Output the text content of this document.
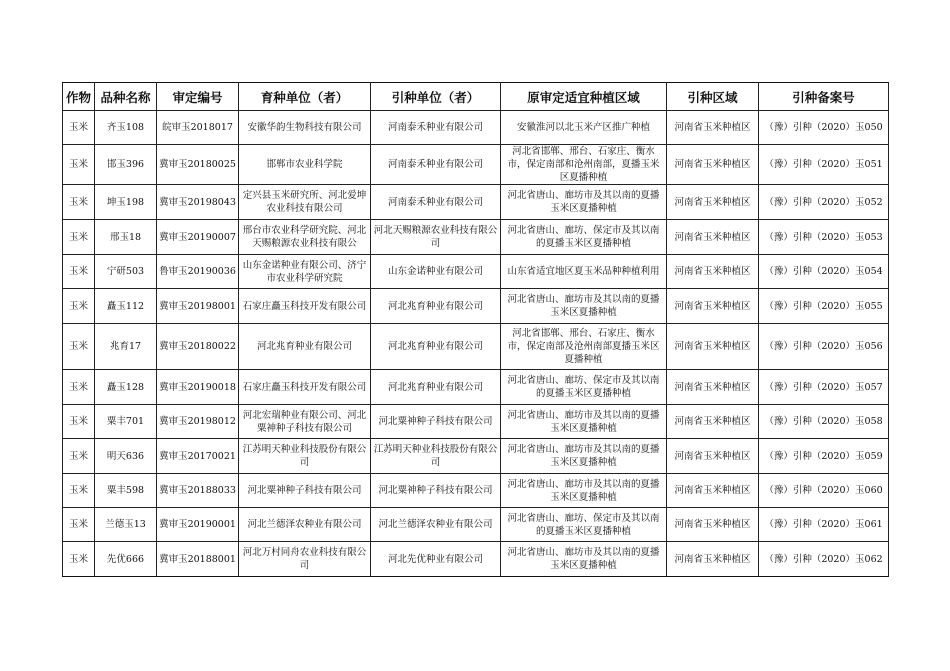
作物	品种名称	审定编号	育种单位（者）	引种单位（者）	原审定适宜种植区域	引种区域	引种备案号
玉米	齐玉108	皖审玉2018017	安徽华韵生物科技有限公司	河南泰禾种业有限公司	安徽淮河以北玉米产区推广种植	河南省玉米种植区	（豫）引种（2020）玉050
玉米	邯玉396	冀审玉20180025	邯郸市农业科学院	河南泰禾种业有限公司	河北省邯郸、邢台、石家庄、衡水市，保定南部和沧州南部，夏播玉米区夏播种植	河南省玉米种植区	（豫）引种（2020）玉051
玉米	坤玉198	冀审玉20198043	定兴县玉米研究所、河北爱坤农业科技有限公司	河南泰禾种业有限公司	河北省唐山、廊坊市及其以南的夏播玉米区夏播种植	河南省玉米种植区	（豫）引种（2020）玉052
玉米	邢玉18	冀审玉20190007	邢台市农业科学研究院、河北天赐粮源农业科技有限公	河北天赐粮源农业科技有限公司	河北省唐山、廊坊、保定市及其以南的夏播玉米区夏播种植	河南省玉米种植区	（豫）引种（2020）玉053
玉米	宁研503	鲁审玉20190036	山东金诺种业有限公司、济宁市农业科学研究院	山东金诺种业有限公司	山东省适宜地区夏玉米品种种植利用	河南省玉米种植区	（豫）引种（2020）玉054
玉米	矗玉112	冀审玉20198001	石家庄矗玉科技开发有限公司	河北兆育种业有限公司	河北省唐山、廊坊市及其以南的夏播玉米区夏播种植	河南省玉米种植区	（豫）引种（2020）玉055
玉米	兆育17	冀审玉20180022	河北兆育种业有限公司	河北兆育种业有限公司	河北省邯郸、邢台、石家庄、衡水市，保定南部及沧州南部夏播玉米区夏播种植	河南省玉米种植区	（豫）引种（2020）玉056
玉米	矗玉128	冀审玉20190018	石家庄矗玉科技开发有限公司	河北兆育种业有限公司	河北省唐山、廊坊、保定市及其以南的夏播玉米区夏播种植	河南省玉米种植区	（豫）引种（2020）玉057
玉米	粟丰701	冀审玉20198012	河北宏瑞种业有限公司、河北粟神种子科技有限公司	河北粟神种子科技有限公司	河北省唐山、廊坊市及其以南的夏播玉米区夏播种植	河南省玉米种植区	（豫）引种（2020）玉058
玉米	明天636	冀审玉20170021	江苏明天种业科技股份有限公司	江苏明天种业科技股份有限公司	河北省唐山、廊坊市及其以南的夏播玉米区夏播种植	河南省玉米种植区	（豫）引种（2020）玉059
玉米	粟丰598	冀审玉20188033	河北粟神种子科技有限公司	河北粟神种子科技有限公司	河北省唐山、廊坊市及其以南的夏播玉米区夏播种植	河南省玉米种植区	（豫）引种（2020）玉060
玉米	兰德玉13	冀审玉20190001	河北兰德泽农种业有限公司	河北兰德泽农种业有限公司	河北省唐山、廊坊、保定市及其以南的夏播玉米区夏播种植	河南省玉米种植区	（豫）引种（2020）玉061
玉米	先优666	冀审玉20188001	河北万村同舟农业科技有限公司	河北先优种业有限公司	河北省唐山、廊坊市及其以南的夏播玉米区夏播种植	河南省玉米种植区	（豫）引种（2020）玉062
